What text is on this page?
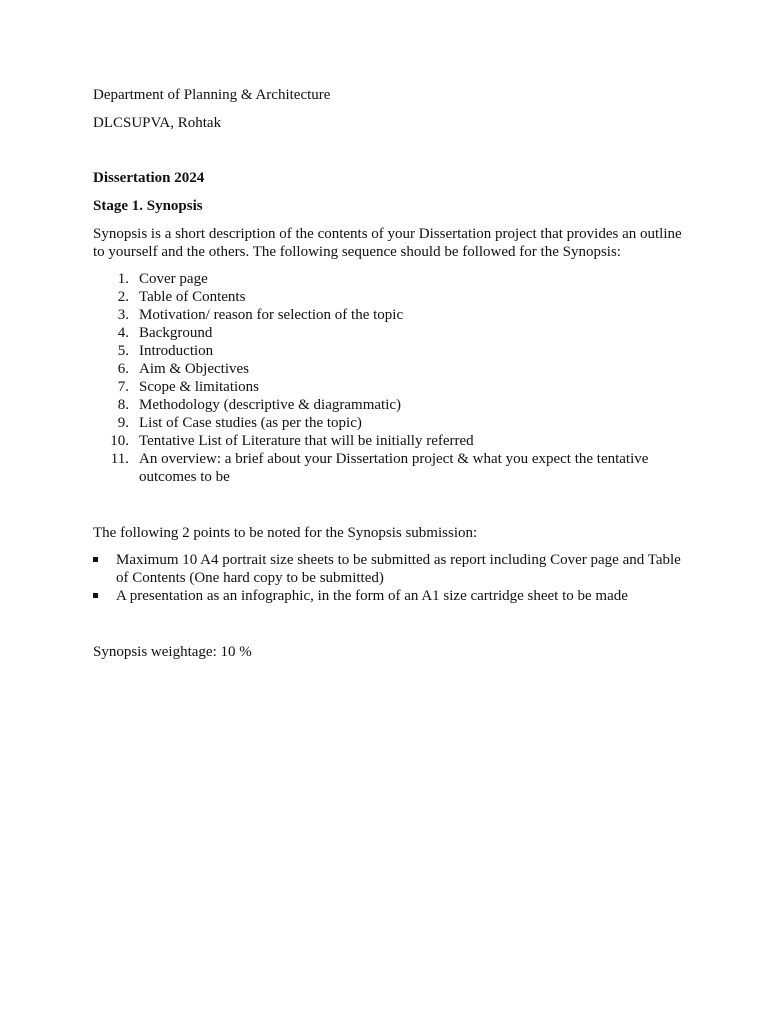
Department of Planning & Architecture

DLCSUPVA, Rohtak

Dissertation 2024

Stage 1. Synopsis

Synopsis is a short description of the contents of your Dissertation project that provides an outline to yourself and the others. The following sequence should be followed for the Synopsis:

1. Cover page
2. Table of Contents
3. Motivation/ reason for selection of the topic
4. Background
5. Introduction
6. Aim & Objectives
7. Scope & limitations
8. Methodology (descriptive & diagrammatic)
9. List of Case studies (as per the topic)
10. Tentative List of Literature that will be initially referred
11. An overview: a brief about your Dissertation project & what you expect the tentative outcomes to be

The following 2 points to be noted for the Synopsis submission:

Maximum 10 A4 portrait size sheets to be submitted as report including Cover page and Table of Contents (One hard copy to be submitted)
A presentation as an infographic, in the form of an A1 size cartridge sheet to be made

Synopsis weightage: 10 %
